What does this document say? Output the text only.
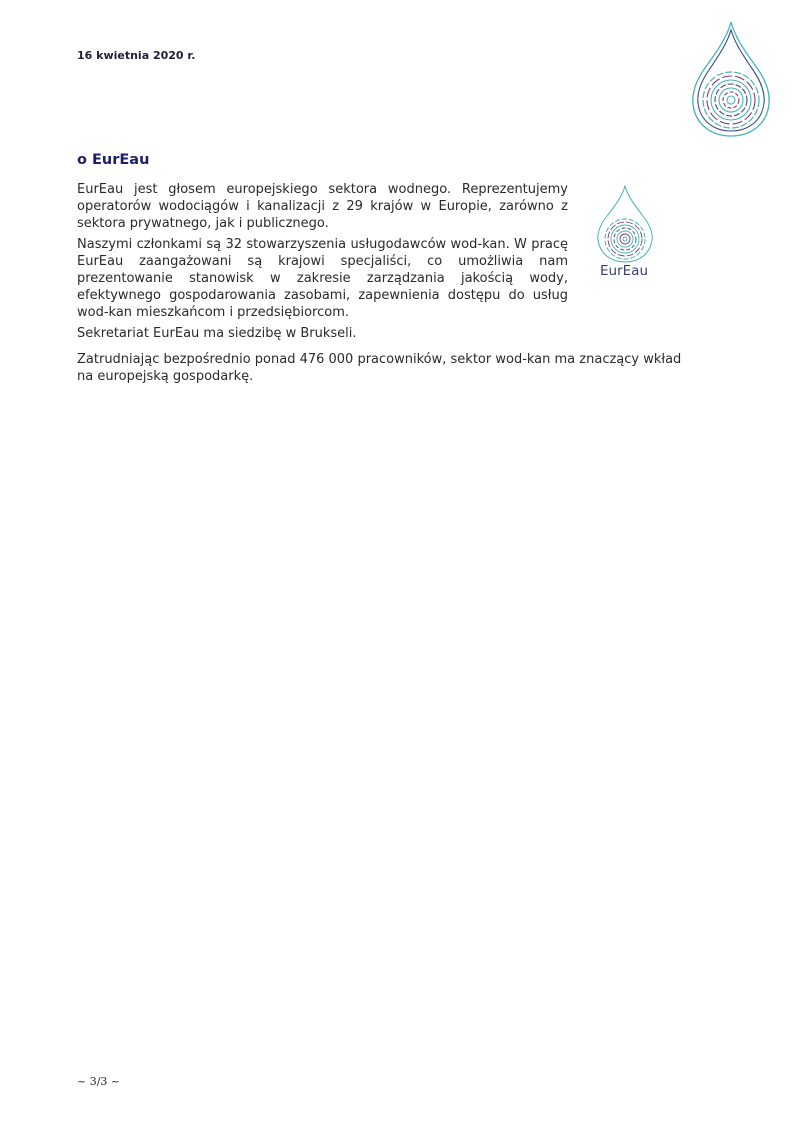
16 kwietnia 2020 r.
o EurEau

EurEau jest głosem europejskiego sektora wodnego. Reprezentujemy operatorów wodociągów i kanalizacji z 29 krajów w Europie, zarówno z sektora prywatnego, jak i publicznego.

Naszymi członkami są 32 stowarzyszenia usługodawców wod-kan. W pracę EurEau zaangażowani są krajowi specjaliści, co umożliwia nam prezentowanie stanowisk w zakresie zarządzania jakością wody, efektywnego gospodarowania zasobami, zapewnienia dostępu do usług wod-kan mieszkańcom i przedsiębiorcom.

Sekretariat EurEau ma siedzibę w Brukseli.

Zatrudniając bezpośrednio ponad 476 000 pracowników, sektor wod-kan ma znaczący wkład na europejską gospodarkę.

EurEau
~ 3/3 ~
